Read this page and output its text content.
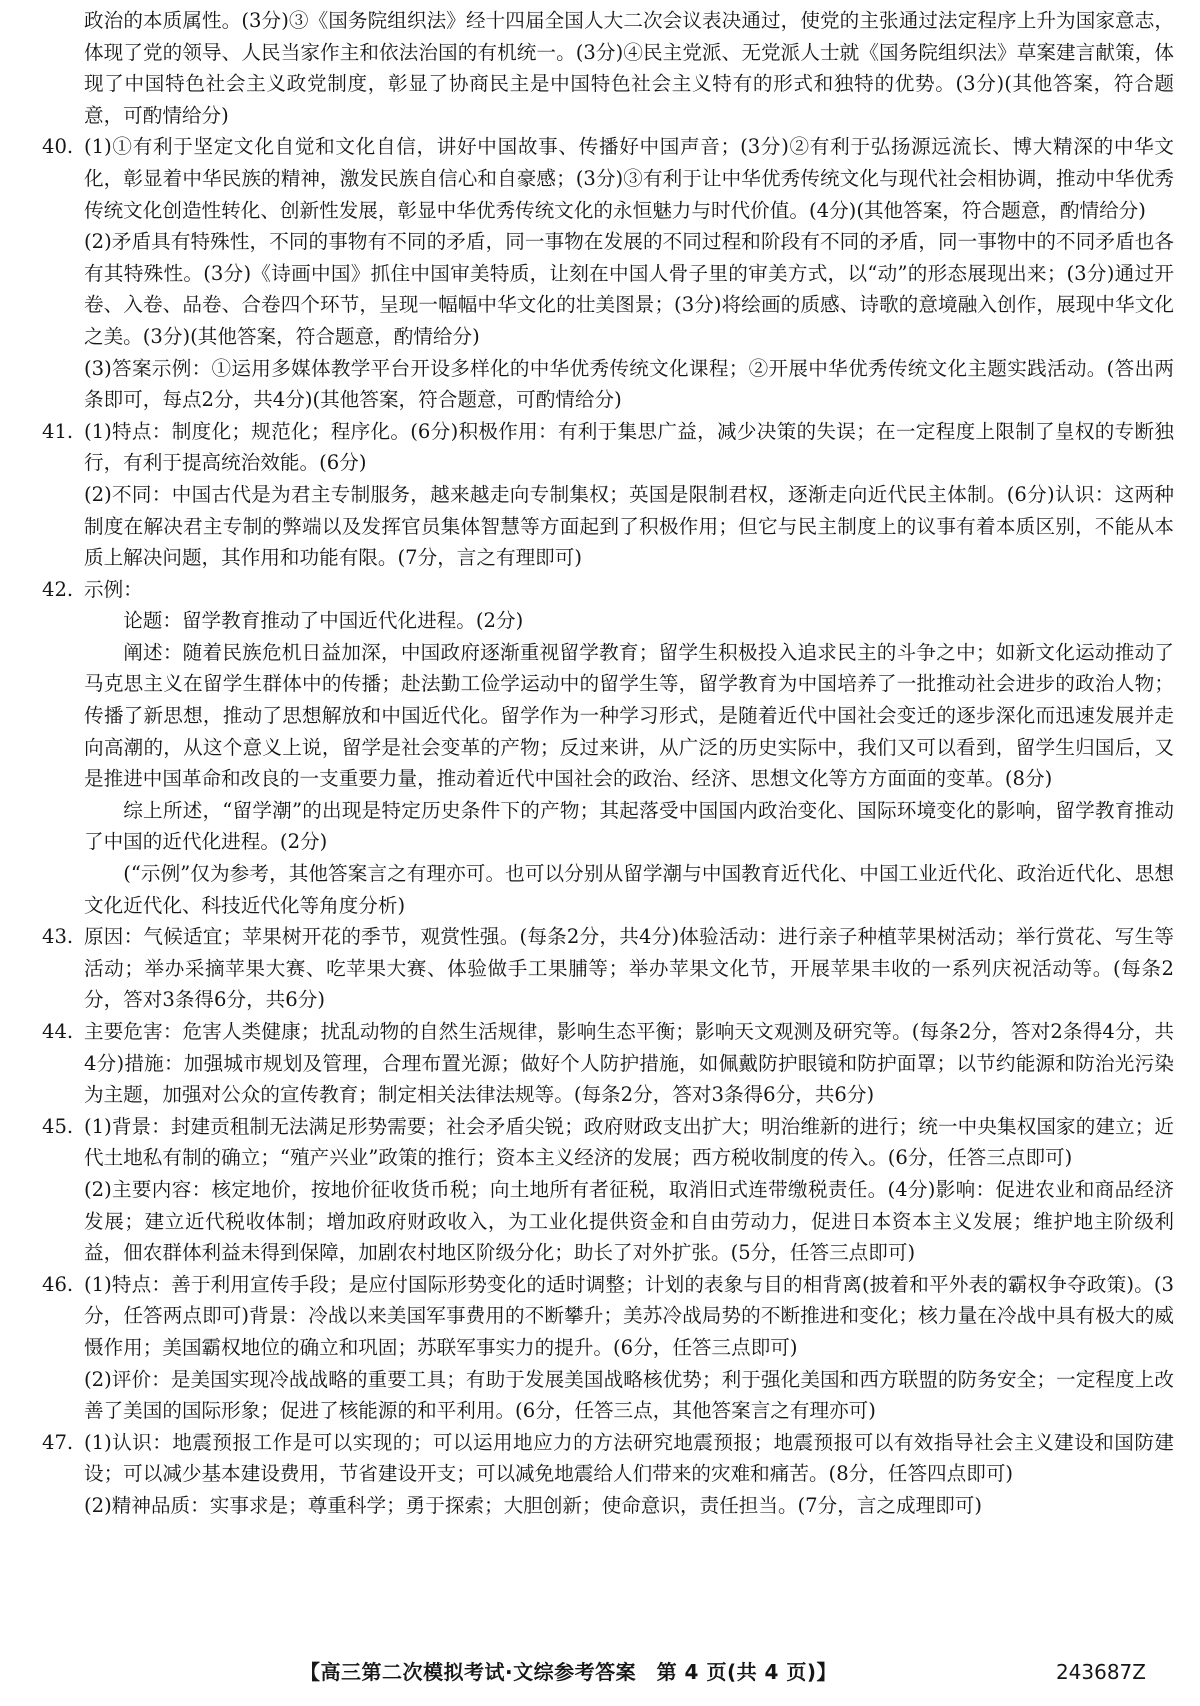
政治的本质属性。(3分)③《国务院组织法》经十四届全国人大二次会议表决通过，使党的主张通过法定程序上升为国家意志，体现了党的领导、人民当家作主和依法治国的有机统一。(3分)④民主党派、无党派人士就《国务院组织法》草案建言献策，体现了中国特色社会主义政党制度，彰显了协商民主是中国特色社会主义特有的形式和独特的优势。(3分)(其他答案，符合题意，可酌情给分)

40. (1)①有利于坚定文化自觉和文化自信，讲好中国故事、传播好中国声音；(3分)②有利于弘扬源远流长、博大精深的中华文化，彰显着中华民族的精神，激发民族自信心和自豪感；(3分)③有利于让中华优秀传统文化与现代社会相协调，推动中华优秀传统文化创造性转化、创新性发展，彰显中华优秀传统文化的永恒魅力与时代价值。(4分)(其他答案，符合题意，酌情给分)

(2)矛盾具有特殊性，不同的事物有不同的矛盾，同一事物在发展的不同过程和阶段有不同的矛盾，同一事物中的不同矛盾也各有其特殊性。(3分)《诗画中国》抓住中国审美特质，让刻在中国人骨子里的审美方式，以“动”的形态展现出来；(3分)通过开卷、入卷、品卷、合卷四个环节，呈现一幅幅中华文化的壮美图景；(3分)将绘画的质感、诗歌的意境融入创作，展现中华文化之美。(3分)(其他答案，符合题意，酌情给分)

(3)答案示例：①运用多媒体教学平台开设多样化的中华优秀传统文化课程；②开展中华优秀传统文化主题实践活动。(答出两条即可，每点2分，共4分)(其他答案，符合题意，可酌情给分)

41. (1)特点：制度化；规范化；程序化。(6分)积极作用：有利于集思广益，减少决策的失误；在一定程度上限制了皇权的专断独行，有利于提高统治效能。(6分)

(2)不同：中国古代是为君主专制服务，越来越走向专制集权；英国是限制君权，逐渐走向近代民主体制。(6分)认识：这两种制度在解决君主专制的弊端以及发挥官员集体智慧等方面起到了积极作用；但它与民主制度上的议事有着本质区别，不能从本质上解决问题，其作用和功能有限。(7分，言之有理即可)

42. 示例：

论题：留学教育推动了中国近代化进程。(2分)

阐述：随着民族危机日益加深，中国政府逐渐重视留学教育；留学生积极投入追求民主的斗争之中；如新文化运动推动了马克思主义在留学生群体中的传播；赴法勤工俭学运动中的留学生等，留学教育为中国培养了一批推动社会进步的政治人物；传播了新思想，推动了思想解放和中国近代化。留学作为一种学习形式，是随着近代中国社会变迁的逐步深化而迅速发展并走向高潮的，从这个意义上说，留学是社会变革的产物；反过来讲，从广泛的历史实际中，我们又可以看到，留学生归国后，又是推进中国革命和改良的一支重要力量，推动着近代中国社会的政治、经济、思想文化等方方面面的变革。(8分)

综上所述，“留学潮”的出现是特定历史条件下的产物；其起落受中国国内政治变化、国际环境变化的影响，留学教育推动了中国的近代化进程。(2分)

(“示例”仅为参考，其他答案言之有理亦可。也可以分别从留学潮与中国教育近代化、中国工业近代化、政治近代化、思想文化近代化、科技近代化等角度分析)

43. 原因：气候适宜；苹果树开花的季节，观赏性强。(每条2分，共4分)体验活动：进行亲子种植苹果树活动；举行赏花、写生等活动；举办采摘苹果大赛、吃苹果大赛、体验做手工果脯等；举办苹果文化节，开展苹果丰收的一系列庆祝活动等。(每条2分，答对3条得6分，共6分)

44. 主要危害：危害人类健康；扰乱动物的自然生活规律，影响生态平衡；影响天文观测及研究等。(每条2分，答对2条得4分，共4分)措施：加强城市规划及管理，合理布置光源；做好个人防护措施，如佩戴防护眼镜和防护面罩；以节约能源和防治光污染为主题，加强对公众的宣传教育；制定相关法律法规等。(每条2分，答对3条得6分，共6分)

45. (1)背景：封建贡租制无法满足形势需要；社会矛盾尖锐；政府财政支出扩大；明治维新的进行；统一中央集权国家的建立；近代土地私有制的确立；“殖产兴业”政策的推行；资本主义经济的发展；西方税收制度的传入。(6分，任答三点即可)

(2)主要内容：核定地价，按地价征收货币税；向土地所有者征税，取消旧式连带缴税责任。(4分)影响：促进农业和商品经济发展；建立近代税收体制；增加政府财政收入，为工业化提供资金和自由劳动力，促进日本资本主义发展；维护地主阶级利益，佃农群体利益未得到保障，加剧农村地区阶级分化；助长了对外扩张。(5分，任答三点即可)

46. (1)特点：善于利用宣传手段；是应付国际形势变化的适时调整；计划的表象与目的相背离(披着和平外表的霸权争夺政策)。(3分，任答两点即可)背景：冷战以来美国军事费用的不断攀升；美苏冷战局势的不断推进和变化；核力量在冷战中具有极大的威慑作用；美国霸权地位的确立和巩固；苏联军事实力的提升。(6分，任答三点即可)

(2)评价：是美国实现冷战战略的重要工具；有助于发展美国战略核优势；利于强化美国和西方联盟的防务安全；一定程度上改善了美国的国际形象；促进了核能源的和平利用。(6分，任答三点，其他答案言之有理亦可)

47. (1)认识：地震预报工作是可以实现的；可以运用地应力的方法研究地震预报；地震预报可以有效指导社会主义建设和国防建设；可以减少基本建设费用，节省建设开支；可以减免地震给人们带来的灾难和痛苦。(8分，任答四点即可)

(2)精神品质：实事求是；尊重科学；勇于探索；大胆创新；使命意识，责任担当。(7分，言之成理即可)

【高三第二次模拟考试·文综参考答案　第 4 页(共 4 页)】	243687Z
